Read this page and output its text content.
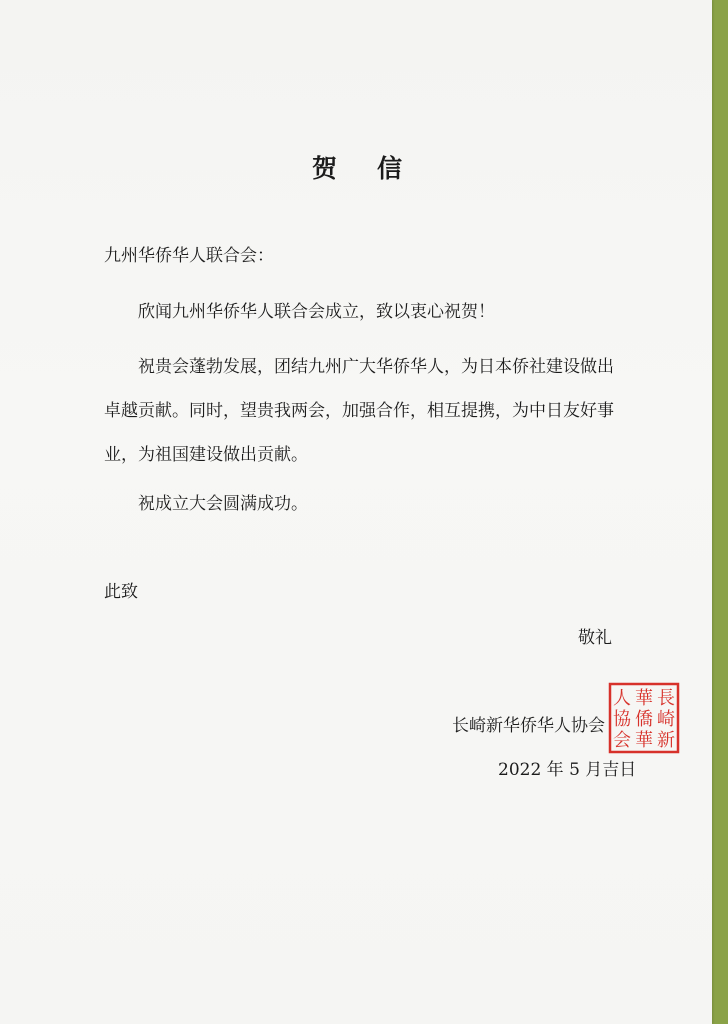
贺信

九州华侨华人联合会：

欣闻九州华侨华人联合会成立，致以衷心祝贺！

祝贵会蓬勃发展，团结九州广大华侨华人，为日本侨社建设做出卓越贡献。同时，望贵我两会，加强合作，相互提携，为中日友好事业，为祖国建设做出贡献。

祝成立大会圆满成功。

此致

敬礼

长崎新华侨华人协会

2022 年 5 月吉日

長
崎
新
華
僑
華
人
協
会
